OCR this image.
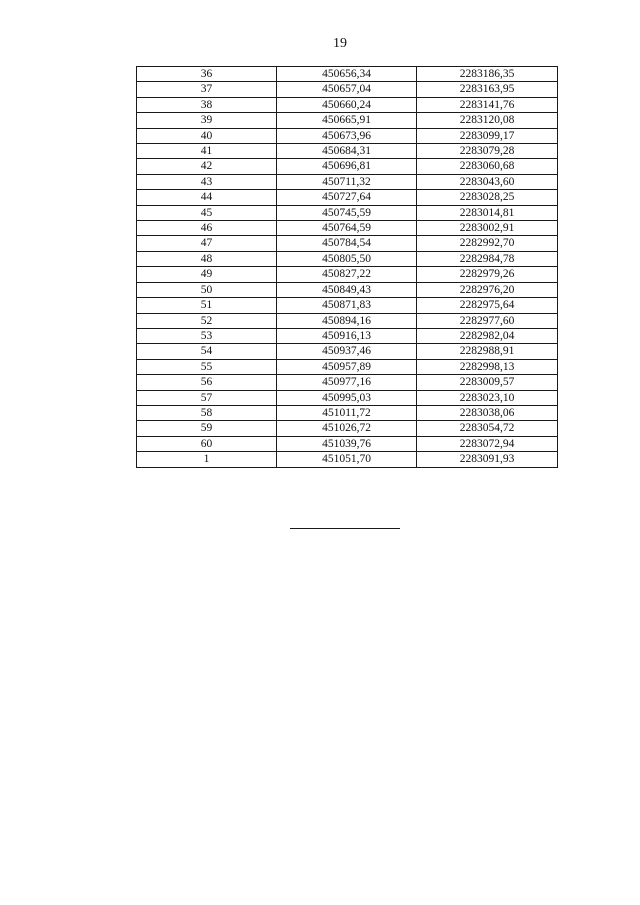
19
36	450656,34	2283186,35
37	450657,04	2283163,95
38	450660,24	2283141,76
39	450665,91	2283120,08
40	450673,96	2283099,17
41	450684,31	2283079,28
42	450696,81	2283060,68
43	450711,32	2283043,60
44	450727,64	2283028,25
45	450745,59	2283014,81
46	450764,59	2283002,91
47	450784,54	2282992,70
48	450805,50	2282984,78
49	450827,22	2282979,26
50	450849,43	2282976,20
51	450871,83	2282975,64
52	450894,16	2282977,60
53	450916,13	2282982,04
54	450937,46	2282988,91
55	450957,89	2282998,13
56	450977,16	2283009,57
57	450995,03	2283023,10
58	451011,72	2283038,06
59	451026,72	2283054,72
60	451039,76	2283072,94
1	451051,70	2283091,93
